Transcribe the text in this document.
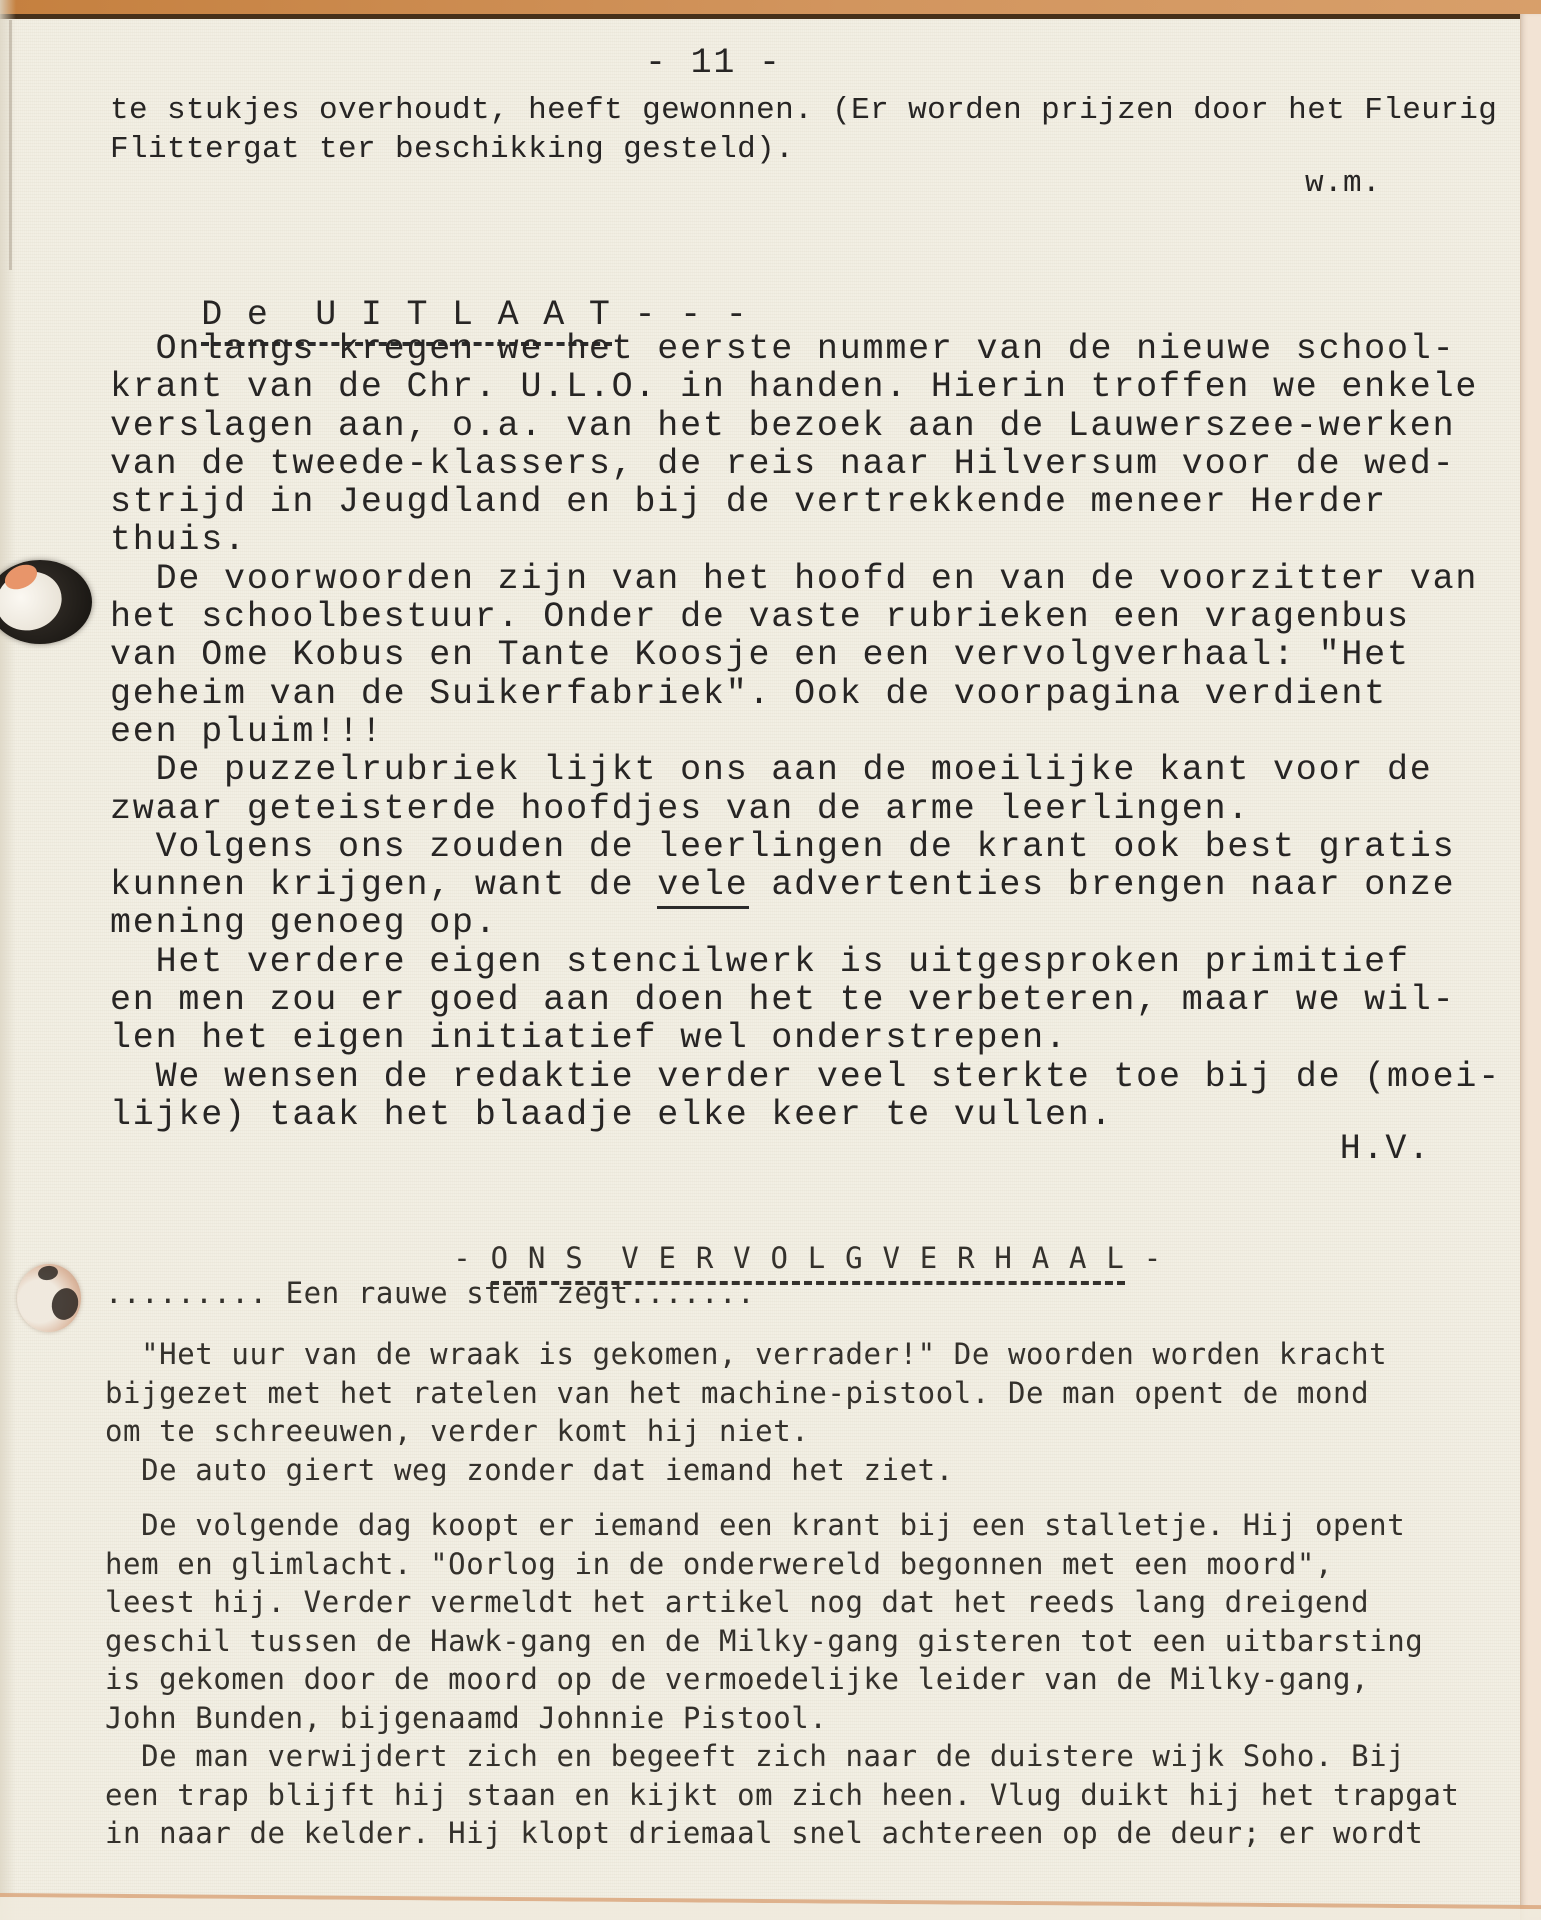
- 11 -
te stukjes overhoudt, heeft gewonnen. (Er worden prijzen door het Fleurig
Flittergat ter beschikking gesteld).
w.m.

D e  U I T L A A T - - -

Onlangs kregen we het eerste nummer van de nieuwe school-
krant van de Chr. U.L.O. in handen. Hierin troffen we enkele
verslagen aan, o.a. van het bezoek aan de Lauwerszee-werken
van de tweede-klassers, de reis naar Hilversum voor de wed-
strijd in Jeugdland en bij de vertrekkende meneer Herder
thuis.
De voorwoorden zijn van het hoofd en van de voorzitter van
het schoolbestuur. Onder de vaste rubrieken een vragenbus
van Ome Kobus en Tante Koosje en een vervolgverhaal: "Het
geheim van de Suikerfabriek". Ook de voorpagina verdient
een pluim!!!
De puzzelrubriek lijkt ons aan de moeilijke kant voor de
zwaar geteisterde hoofdjes van de arme leerlingen.
Volgens ons zouden de leerlingen de krant ook best gratis
kunnen krijgen, want de vele advertenties brengen naar onze
mening genoeg op.
Het verdere eigen stencilwerk is uitgesproken primitief
en men zou er goed aan doen het te verbeteren, maar we wil-
len het eigen initiatief wel onderstrepen.
We wensen de redaktie verder veel sterkte toe bij de (moei-
lijke) taak het blaadje elke keer te vullen.
H.V.

- O N S  V E R V O L G V E R H A A L -

......... Een rauwe stem zegt.......
"Het uur van de wraak is gekomen, verrader!" De woorden worden kracht
bijgezet met het ratelen van het machine-pistool. De man opent de mond
om te schreeuwen, verder komt hij niet.
De auto giert weg zonder dat iemand het ziet.
De volgende dag koopt er iemand een krant bij een stalletje. Hij opent
hem en glimlacht. "Oorlog in de onderwereld begonnen met een moord",
leest hij. Verder vermeldt het artikel nog dat het reeds lang dreigend
geschil tussen de Hawk-gang en de Milky-gang gisteren tot een uitbarsting
is gekomen door de moord op de vermoedelijke leider van de Milky-gang,
John Bunden, bijgenaamd Johnnie Pistool.
De man verwijdert zich en begeeft zich naar de duistere wijk Soho. Bij
een trap blijft hij staan en kijkt om zich heen. Vlug duikt hij het trapgat
in naar de kelder. Hij klopt driemaal snel achtereen op de deur; er wordt
